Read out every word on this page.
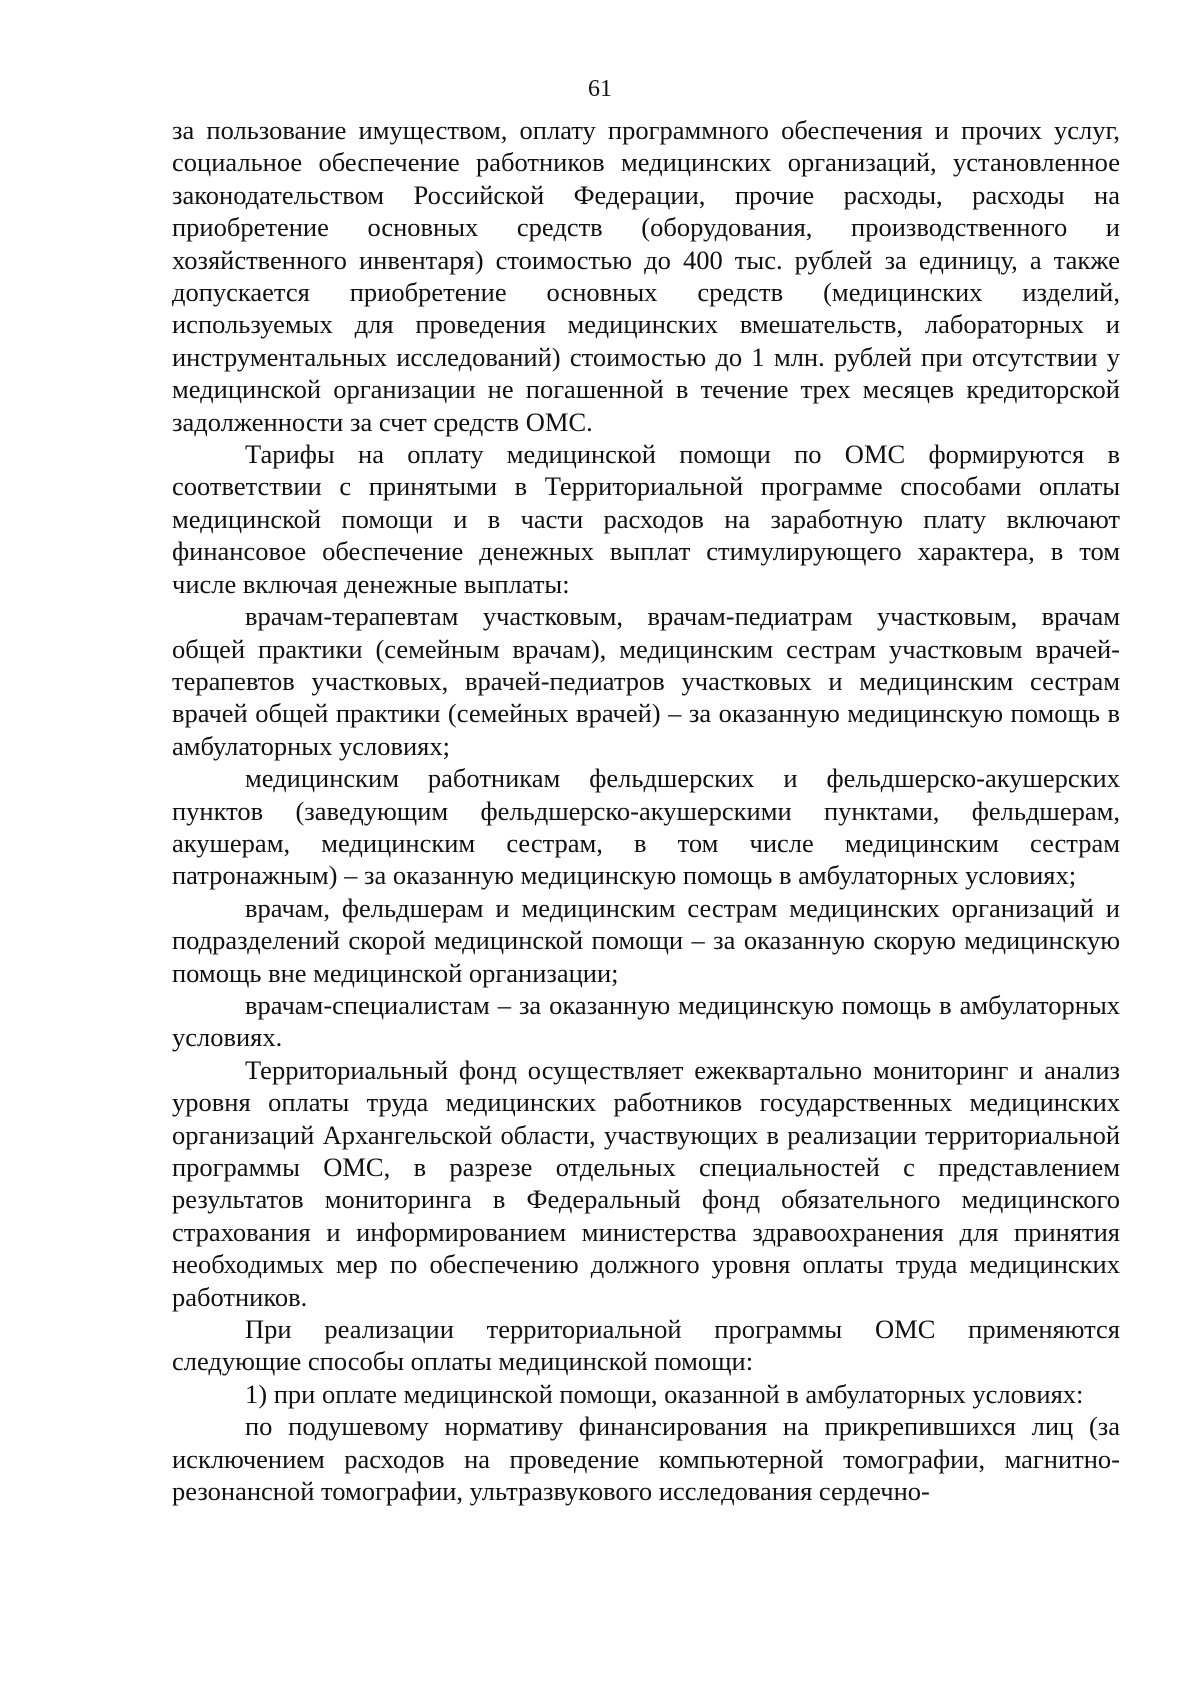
61

за пользование имуществом, оплату программного обеспечения и прочих услуг, социальное обеспечение работников медицинских организаций, установленное законодательством Российской Федерации, прочие расходы, расходы на приобретение основных средств (оборудования, производственного и хозяйственного инвентаря) стоимостью до 400 тыс. рублей за единицу, а также допускается приобретение основных средств (медицинских изделий, используемых для проведения медицинских вмешательств, лабораторных и инструментальных исследований) стоимостью до 1 млн. рублей при отсутствии у медицинской организации не погашенной в течение трех месяцев кредиторской задолженности за счет средств ОМС.

Тарифы на оплату медицинской помощи по ОМС формируются в соответствии с принятыми в Территориальной программе способами оплаты медицинской помощи и в части расходов на заработную плату включают финансовое обеспечение денежных выплат стимулирующего характера, в том числе включая денежные выплаты:

врачам-терапевтам участковым, врачам-педиатрам участковым, врачам общей практики (семейным врачам), медицинским сестрам участковым врачей-терапевтов участковых, врачей-педиатров участковых и медицинским сестрам врачей общей практики (семейных врачей) – за оказанную медицинскую помощь в амбулаторных условиях;

медицинским работникам фельдшерских и фельдшерско-акушерских пунктов (заведующим фельдшерско-акушерскими пунктами, фельдшерам, акушерам, медицинским сестрам, в том числе медицинским сестрам патронажным) – за оказанную медицинскую помощь в амбулаторных условиях;

врачам, фельдшерам и медицинским сестрам медицинских организаций и подразделений скорой медицинской помощи – за оказанную скорую медицинскую помощь вне медицинской организации;

врачам-специалистам – за оказанную медицинскую помощь в амбулаторных условиях.

Территориальный фонд осуществляет ежеквартально мониторинг и анализ уровня оплаты труда медицинских работников государственных медицинских организаций Архангельской области, участвующих в реализации территориальной программы ОМС, в разрезе отдельных специальностей с представлением результатов мониторинга в Федеральный фонд обязательного медицинского страхования и информированием министерства здравоохранения для принятия необходимых мер по обеспечению должного уровня оплаты труда медицинских работников.

При реализации территориальной программы ОМС применяются следующие способы оплаты медицинской помощи:

1) при оплате медицинской помощи, оказанной в амбулаторных условиях:

по подушевому нормативу финансирования на прикрепившихся лиц (за исключением расходов на проведение компьютерной томографии, магнитно-резонансной томографии, ультразвукового исследования сердечно-
